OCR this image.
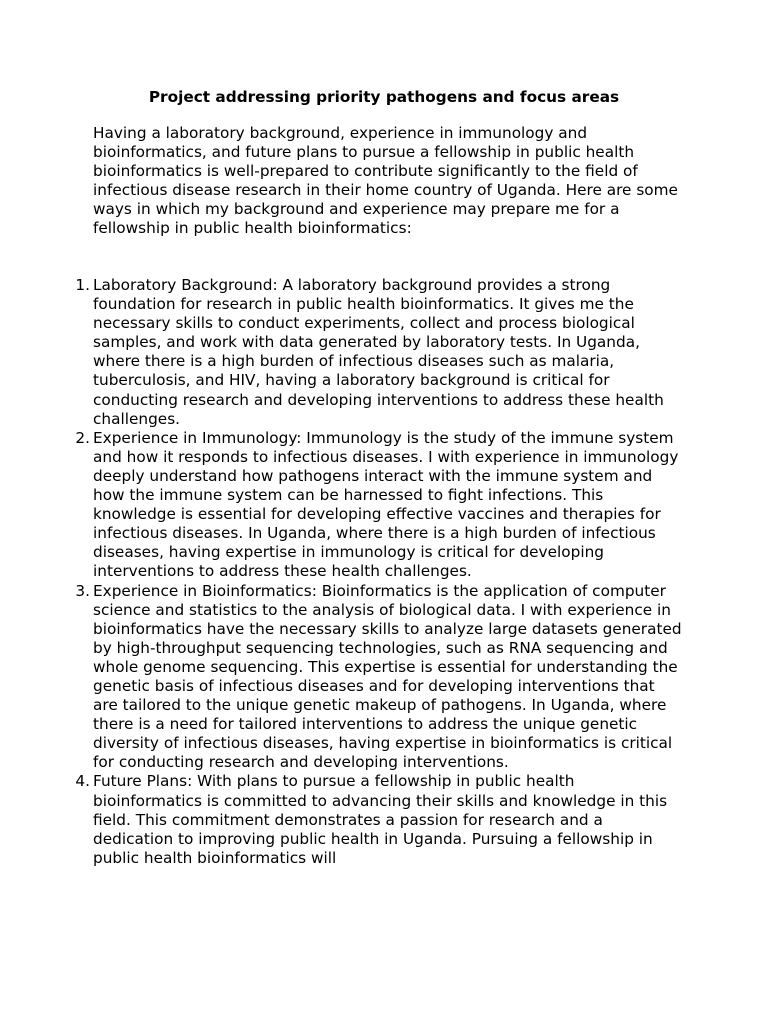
Project addressing priority pathogens and focus areas

Having a laboratory background, experience in immunology and bioinformatics, and future plans to pursue a fellowship in public health bioinformatics is well-prepared to contribute significantly to the field of infectious disease research in their home country of Uganda. Here are some ways in which my background and experience may prepare me for a fellowship in public health bioinformatics:

1. Laboratory Background: A laboratory background provides a strong foundation for research in public health bioinformatics. It gives me the necessary skills to conduct experiments, collect and process biological samples, and work with data generated by laboratory tests. In Uganda, where there is a high burden of infectious diseases such as malaria, tuberculosis, and HIV, having a laboratory background is critical for conducting research and developing interventions to address these health challenges.
2. Experience in Immunology: Immunology is the study of the immune system and how it responds to infectious diseases. I with experience in immunology deeply understand how pathogens interact with the immune system and how the immune system can be harnessed to fight infections. This knowledge is essential for developing effective vaccines and therapies for infectious diseases. In Uganda, where there is a high burden of infectious diseases, having expertise in immunology is critical for developing interventions to address these health challenges.
3. Experience in Bioinformatics: Bioinformatics is the application of computer science and statistics to the analysis of biological data. I with experience in bioinformatics have the necessary skills to analyze large datasets generated by high-throughput sequencing technologies, such as RNA sequencing and whole genome sequencing. This expertise is essential for understanding the genetic basis of infectious diseases and for developing interventions that are tailored to the unique genetic makeup of pathogens. In Uganda, where there is a need for tailored interventions to address the unique genetic diversity of infectious diseases, having expertise in bioinformatics is critical for conducting research and developing interventions.
4. Future Plans: With plans to pursue a fellowship in public health bioinformatics is committed to advancing their skills and knowledge in this field. This commitment demonstrates a passion for research and a dedication to improving public health in Uganda. Pursuing a fellowship in public health bioinformatics will
